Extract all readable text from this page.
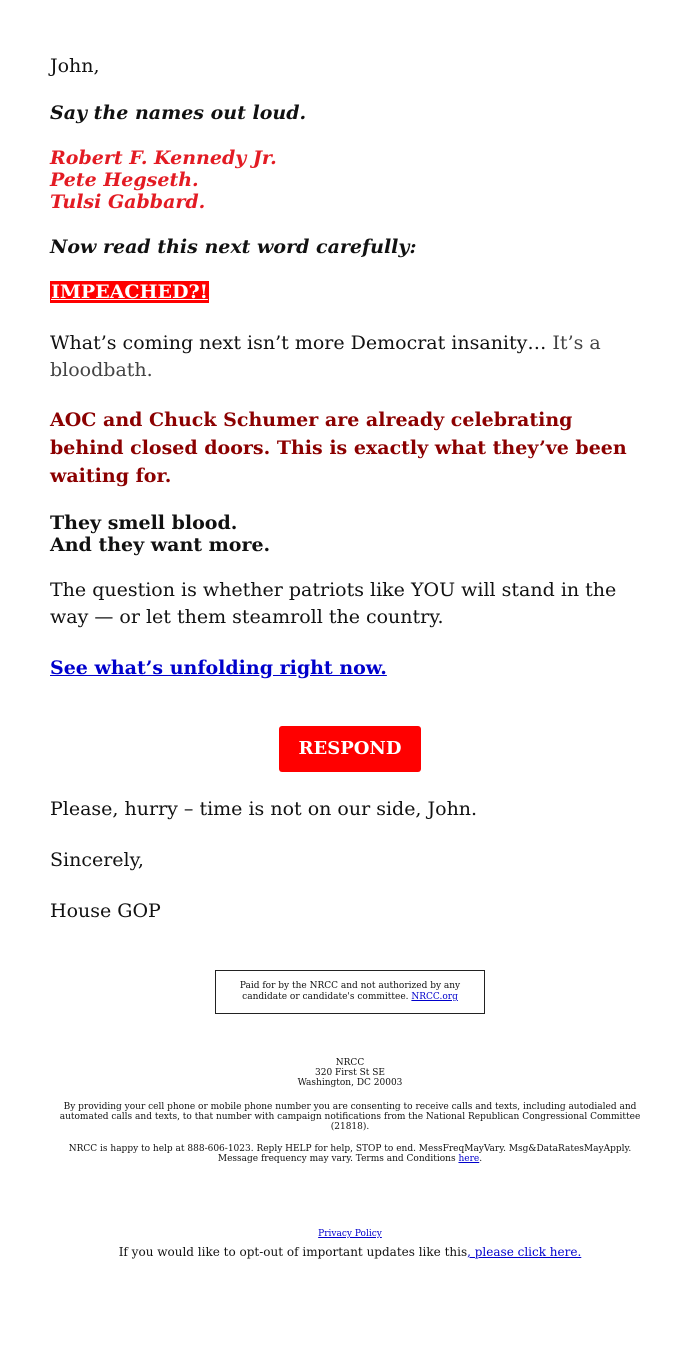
John,

Say the names out loud.

Robert F. Kennedy Jr.
Pete Hegseth.
Tulsi Gabbard.

Now read this next word carefully:

IMPEACHED?!

What’s coming next isn’t more Democrat insanity… It’s a bloodbath.

AOC and Chuck Schumer are already celebrating behind closed doors. This is exactly what they’ve been waiting for.

They smell blood.
And they want more.

The question is whether patriots like YOU will stand in the way — or let them steamroll the country.

See what’s unfolding right now.

RESPOND

Please, hurry – time is not on our side, John.

Sincerely,

House GOP

Paid for by the NRCC and not authorized by any candidate or candidate's committee. NRCC.org
NRCC
320 First St SE
Washington, DC 20003

By providing your cell phone or mobile phone number you are consenting to receive calls and texts, including autodialed and automated calls and texts, to that number with campaign notifications from the National Republican Congressional Committee (21818).

NRCC is happy to help at 888-606-1023. Reply HELP for help, STOP to end. MessFreqMayVary. Msg&DataRatesMayApply. Message frequency may vary. Terms and Conditions here.

Privacy Policy
If you would like to opt-out of important updates like this, please click here.
